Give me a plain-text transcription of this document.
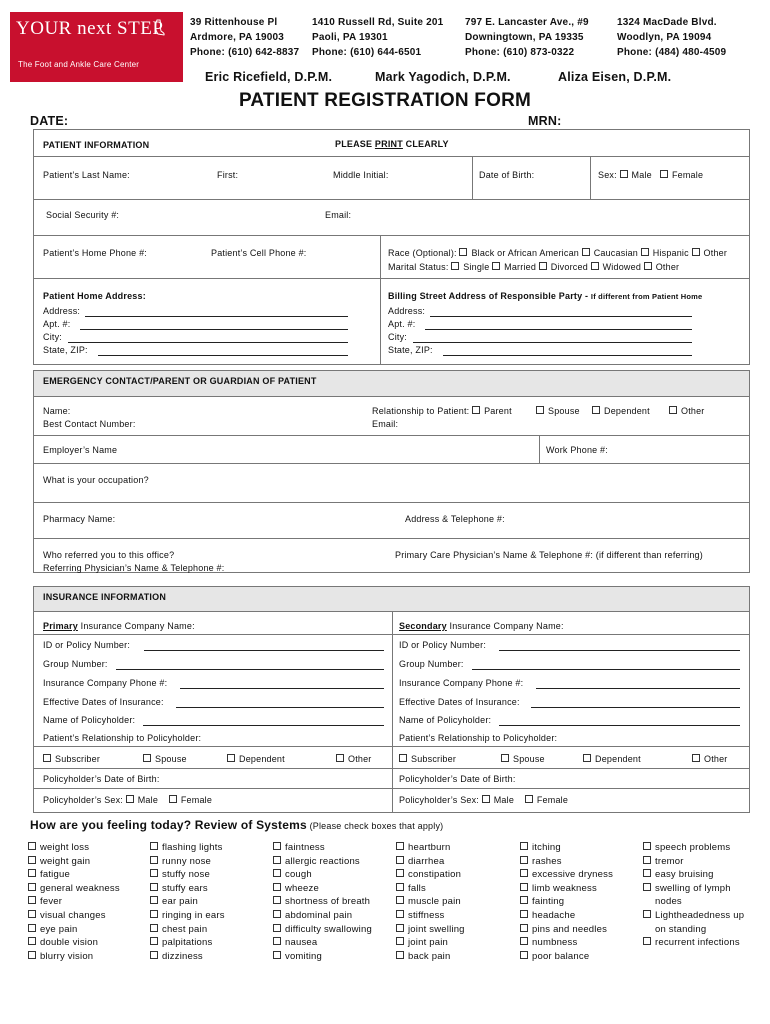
YOUR next STEP
The Foot and Ankle Care Center
39 Rittenhouse Pl
Ardmore, PA 19003
Phone: (610) 642-8837
1410 Russell Rd, Suite 201
Paoli, PA 19301
Phone: (610) 644-6501
797 E. Lancaster Ave., #9
Downingtown, PA 19335
Phone: (610) 873-0322
1324 MacDade Blvd.
Woodlyn, PA 19094
Phone: (484) 480-4509
Eric Ricefield, D.P.M.	Mark Yagodich, D.P.M.	Aliza Eisen, D.P.M.
PATIENT REGISTRATION FORM
DATE:	MRN:
PATIENT INFORMATION	PLEASE PRINT CLEARLY
Patient’s Last Name:	First:	Middle Initial:	Date of Birth:	Sex: Male Female
Social Security #:	Email:
Patient’s Home Phone #:	Patient’s Cell Phone #:	Race (Optional): Black or African American Caucasian Hispanic Other
Marital Status: Single Married Divorced Widowed Other
Patient Home Address:
Address:
Apt. #:
City:
State, ZIP:
Billing Street Address of Responsible Party - If different from Patient Home
Address:
Apt. #:
City:
State, ZIP:
EMERGENCY CONTACT/PARENT OR GUARDIAN OF PATIENT
Name:
Best Contact Number:
Relationship to Patient: Parent	Spouse	Dependent	Other
Email:
Employer’s Name	Work Phone #:
What is your occupation?
Pharmacy Name:	Address & Telephone #:
Who referred you to this office?
Referring Physician’s Name & Telephone #:
Primary Care Physician’s Name & Telephone #: (if different than referring)
INSURANCE INFORMATION
Primary Insurance Company Name:	Secondary Insurance Company Name:
ID or Policy Number:	ID or Policy Number:
Group Number:	Group Number:
Insurance Company Phone #:	Insurance Company Phone #:
Effective Dates of Insurance:	Effective Dates of Insurance:
Name of Policyholder:	Name of Policyholder:
Patient’s Relationship to Policyholder:	Patient’s Relationship to Policyholder:
Subscriber	Spouse	Dependent	Other	Subscriber	Spouse	Dependent	Other
Policyholder’s Date of Birth:	Policyholder’s Date of Birth:
Policyholder’s Sex: Male	Female	Policyholder’s Sex: Male	Female
How are you feeling today? Review of Systems (Please check boxes that apply)
weight loss
weight gain
fatigue
general weakness
fever
visual changes
eye pain
double vision
blurry vision
flashing lights
runny nose
stuffy nose
stuffy ears
ear pain
ringing in ears
chest pain
palpitations
dizziness
faintness
allergic reactions
cough
wheeze
shortness of breath
abdominal pain
difficulty swallowing
nausea
vomiting
heartburn
diarrhea
constipation
falls
muscle pain
stiffness
joint swelling
joint pain
back pain
itching
rashes
excessive dryness
limb weakness
fainting
headache
pins and needles
numbness
poor balance
speech problems
tremor
easy bruising
swelling of lymph
nodes
Lightheadedness up
on standing
recurrent infections
